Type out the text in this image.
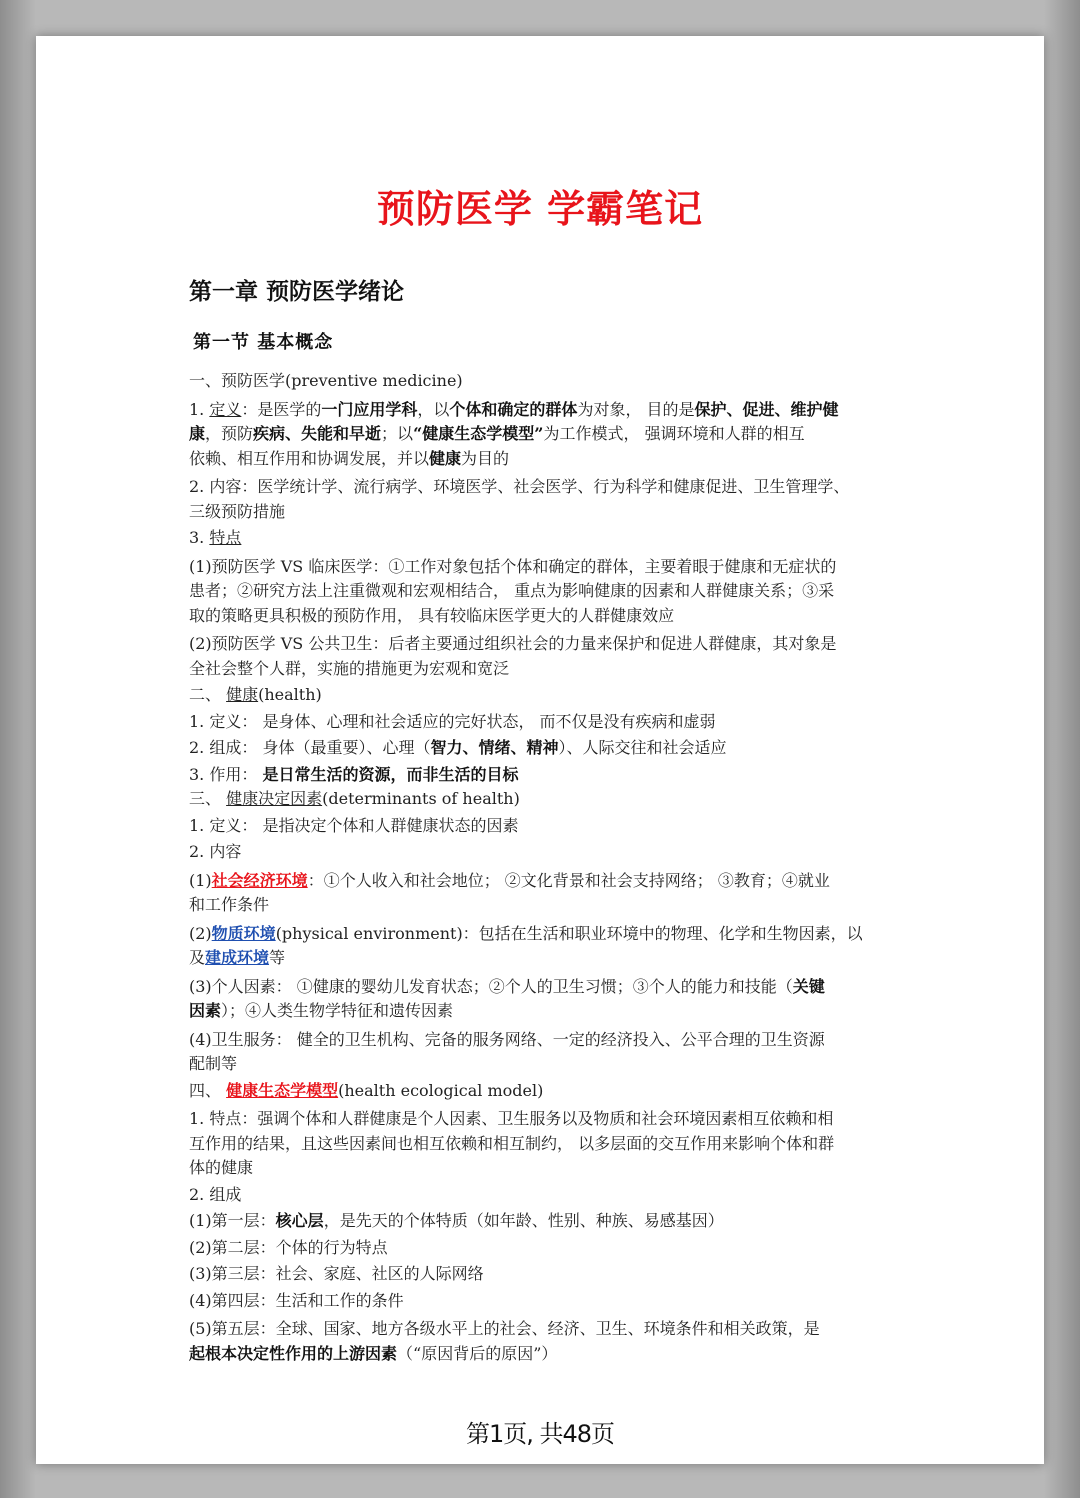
预防医学 学霸笔记
第一章 预防医学绪论
第一节 基本概念
一、预防医学(preventive medicine)
1. 定义：是医学的一门应用学科，以个体和确定的群体为对象， 目的是保护、促进、维护健
康，预防疾病、失能和早逝；以“健康生态学模型”为工作模式， 强调环境和人群的相互
依赖、相互作用和协调发展，并以健康为目的
2. 内容：医学统计学、流行病学、环境医学、社会医学、行为科学和健康促进、卫生管理学、
三级预防措施
3. 特点
(1)预防医学 VS 临床医学：①工作对象包括个体和确定的群体，主要着眼于健康和无症状的
患者；②研究方法上注重微观和宏观相结合， 重点为影响健康的因素和人群健康关系；③采
取的策略更具积极的预防作用， 具有较临床医学更大的人群健康效应
(2)预防医学 VS 公共卫生：后者主要通过组织社会的力量来保护和促进人群健康，其对象是
全社会整个人群，实施的措施更为宏观和宽泛
二、 健康(health)
1. 定义： 是身体、心理和社会适应的完好状态， 而不仅是没有疾病和虚弱
2. 组成： 身体（最重要）、心理（智力、情绪、精神）、人际交往和社会适应
3. 作用： 是日常生活的资源，而非生活的目标
三、 健康决定因素(determinants of health)
1. 定义： 是指决定个体和人群健康状态的因素
2. 内容
(1)社会经济环境：①个人收入和社会地位； ②文化背景和社会支持网络； ③教育；④就业
和工作条件
(2)物质环境(physical environment)：包括在生活和职业环境中的物理、化学和生物因素，以
及建成环境等
(3)个人因素： ①健康的婴幼儿发育状态；②个人的卫生习惯；③个人的能力和技能（关键
因素）；④人类生物学特征和遗传因素
(4)卫生服务： 健全的卫生机构、完备的服务网络、一定的经济投入、公平合理的卫生资源
配制等
四、 健康生态学模型(health ecological model)
1. 特点：强调个体和人群健康是个人因素、卫生服务以及物质和社会环境因素相互依赖和相
互作用的结果，且这些因素间也相互依赖和相互制约， 以多层面的交互作用来影响个体和群
体的健康
2. 组成
(1)第一层：核心层，是先天的个体特质（如年龄、性别、种族、易感基因）
(2)第二层：个体的行为特点
(3)第三层：社会、家庭、社区的人际网络
(4)第四层：生活和工作的条件
(5)第五层：全球、国家、地方各级水平上的社会、经济、卫生、环境条件和相关政策，是
起根本决定性作用的上游因素（“原因背后的原因”）
第1页, 共48页
